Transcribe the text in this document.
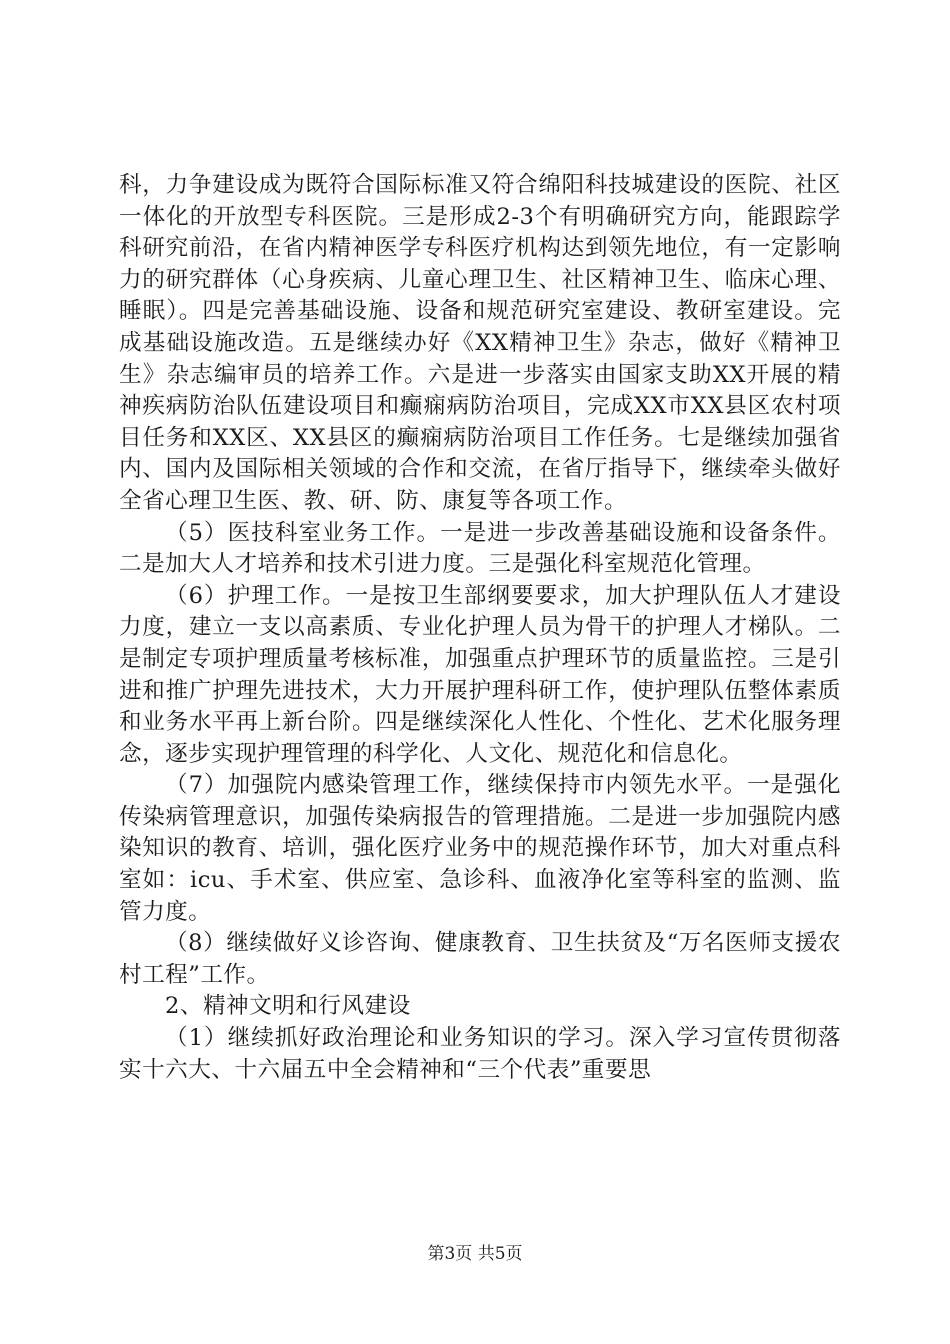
科，力争建设成为既符合国际标准又符合绵阳科技城建设的医院、社区一体化的开放型专科医院。三是形成2-3个有明确研究方向，能跟踪学科研究前沿，在省内精神医学专科医疗机构达到领先地位，有一定影响力的研究群体（心身疾病、儿童心理卫生、社区精神卫生、临床心理、睡眠）。四是完善基础设施、设备和规范研究室建设、教研室建设。完成基础设施改造。五是继续办好《XX精神卫生》杂志，做好《精神卫生》杂志编审员的培养工作。六是进一步落实由国家支助XX开展的精神疾病防治队伍建设项目和癫痫病防治项目，完成XX市XX县区农村项目任务和XX区、XX县区的癫痫病防治项目工作任务。七是继续加强省内、国内及国际相关领域的合作和交流，在省厅指导下，继续牵头做好全省心理卫生医、教、研、防、康复等各项工作。

（5）医技科室业务工作。一是进一步改善基础设施和设备条件。二是加大人才培养和技术引进力度。三是强化科室规范化管理。

（6）护理工作。一是按卫生部纲要要求，加大护理队伍人才建设力度，建立一支以高素质、专业化护理人员为骨干的护理人才梯队。二是制定专项护理质量考核标准，加强重点护理环节的质量监控。三是引进和推广护理先进技术，大力开展护理科研工作，使护理队伍整体素质和业务水平再上新台阶。四是继续深化人性化、个性化、艺术化服务理念，逐步实现护理管理的科学化、人文化、规范化和信息化。

（7）加强院内感染管理工作，继续保持市内领先水平。一是强化传染病管理意识，加强传染病报告的管理措施。二是进一步加强院内感染知识的教育、培训，强化医疗业务中的规范操作环节，加大对重点科室如：icu、手术室、供应室、急诊科、血液净化室等科室的监测、监管力度。

（8）继续做好义诊咨询、健康教育、卫生扶贫及“万名医师支援农村工程”工作。

2、精神文明和行风建设

（1）继续抓好政治理论和业务知识的学习。深入学习宣传贯彻落实十六大、十六届五中全会精神和“三个代表”重要思

第3页 共5页
